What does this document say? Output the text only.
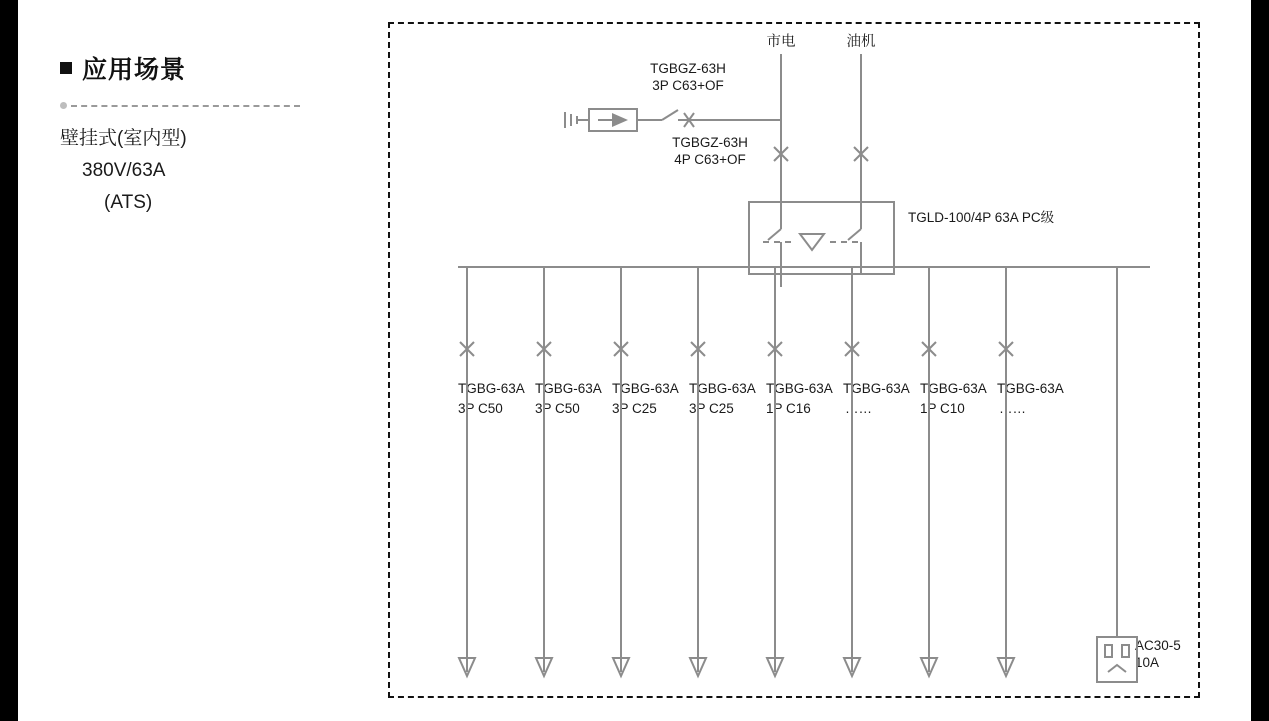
应用场景
壁挂式(室内型)
380V/63A
(ATS)
市电	油机
TGBGZ-63H
3P C63+OF
TGBGZ-63H
4P C63+OF
TGLD-100/4P 63A PC级
AC30-5
10A
TGBG-63A
3P C50
TGBG-63A
3P C50
TGBG-63A
3P C25
TGBG-63A
3P C25
TGBG-63A
1P C16
TGBG-63A
……
TGBG-63A
1P C10
TGBG-63A
……
